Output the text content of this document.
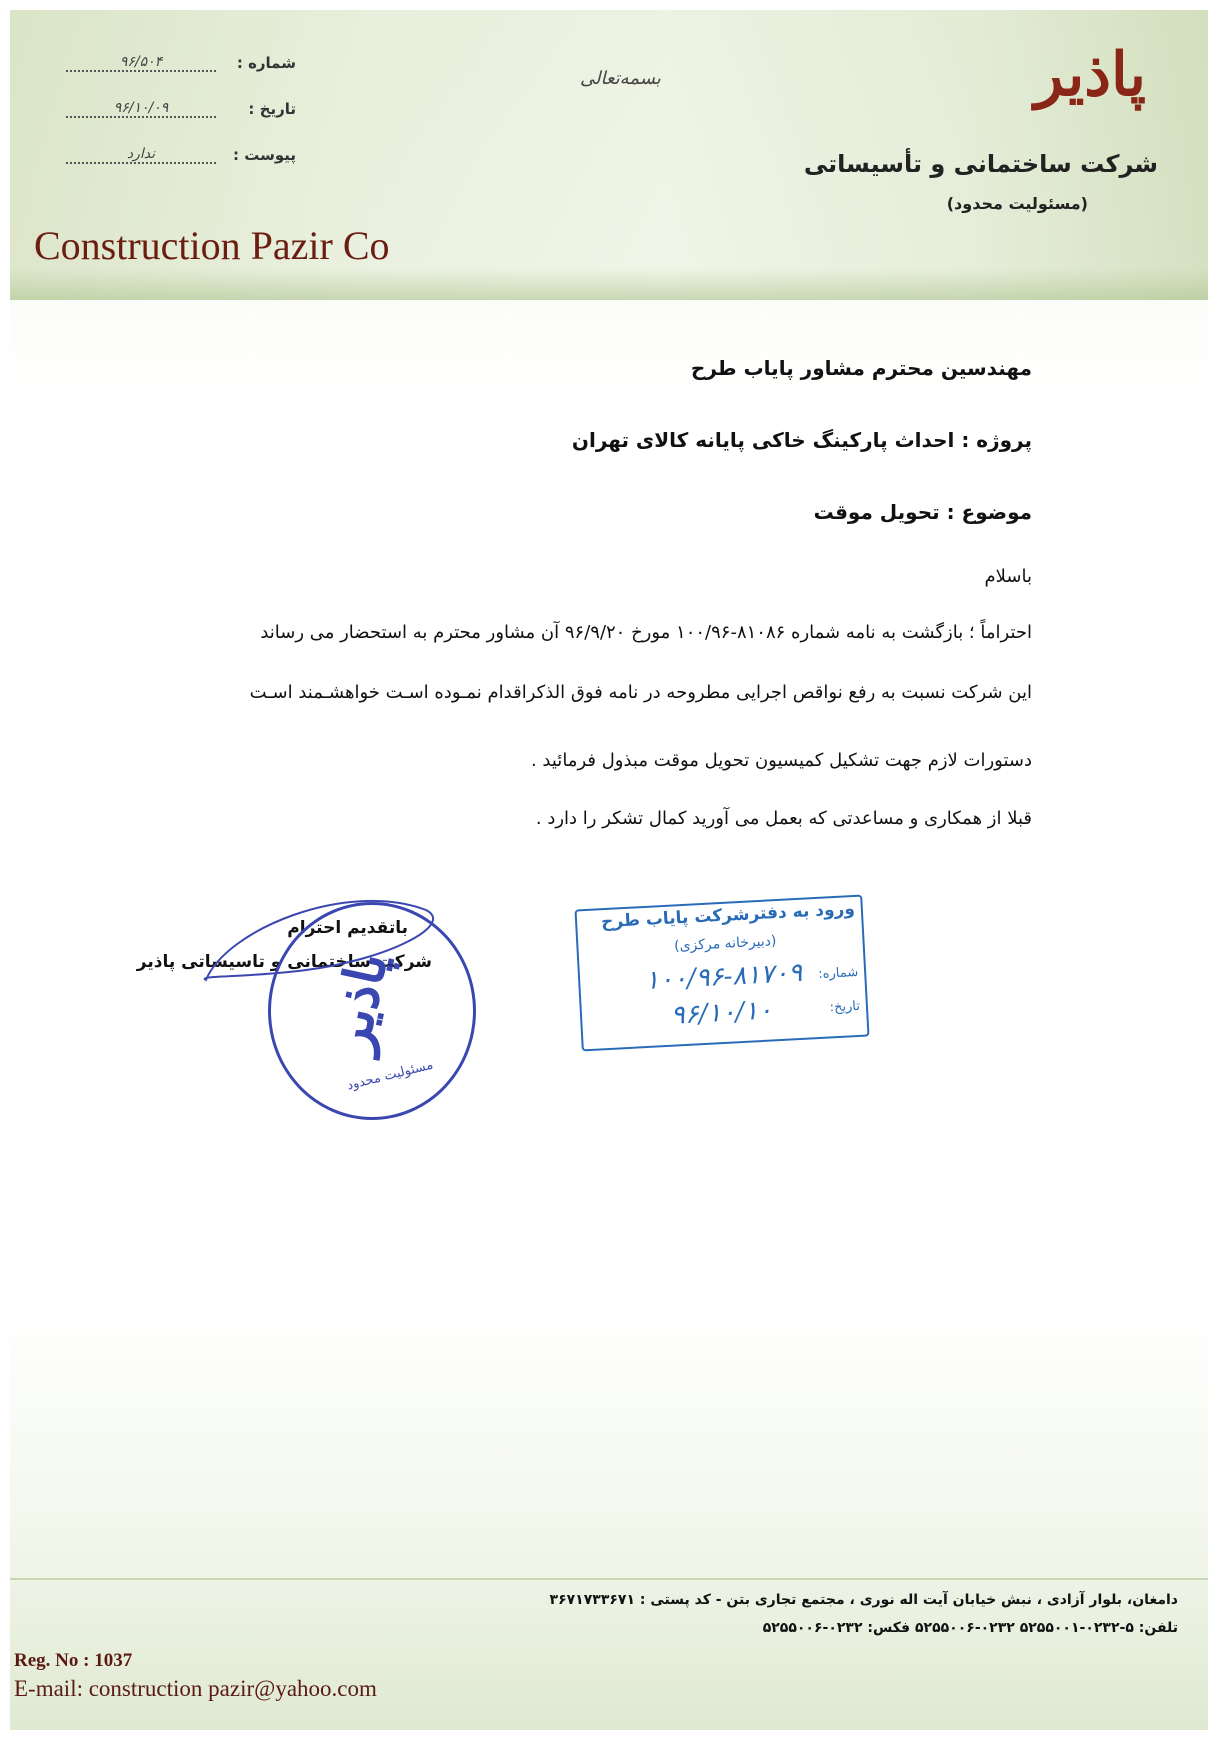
شماره :
۹۶/۵۰۴
تاریخ :
۹۶/۱۰/۰۹
پیوست :
ندارد
بسمه‌تعالی	پاذیر
شرکت ساختمانی و تأسیساتی
(مسئولیت محدود)
Construction Pazir Co
مهندسین محترم مشاور پایاب طرح
پروژه : احداث پارکینگ خاکی پایانه کالای تهران
موضوع : تحویل موقت
باسلام
احتراماً ؛ بازگشت به نامه شماره ۸۱۰۸۶-۱۰۰/۹۶ مورخ ۹۶/۹/۲۰ آن مشاور محترم به استحضار می رساند
این شرکت نسبت به رفع نواقص اجرایی مطروحه در نامه فوق الذکراقدام نمـوده اسـت خواهشـمند اسـت
دستورات لازم جهت تشکیل کمیسیون تحویل موقت مبذول فرمائید .
قبلا از همکاری و مساعدتی که بعمل می آورید کمال تشکر را دارد .
باتقدیم احترام
شرکت ساختمانی و تاسیساتی پاذیر
پاذیر
مسئولیت محدود
ورود به دفترشرکت پایاب طرح
(دبیرخانه مرکزی)
شماره:
۱۰۰/۹۶-۸۱۷۰۹
تاریخ:
۹۶/۱۰/۱۰
دامغان، بلوار آزادی ، نبش خیابان آیت اله نوری ، مجتمع تجاری بتن - کد پستی : ۳۶۷۱۷۳۳۶۷۱
تلفن: ۵-۰۲۳۲-۵۲۵۵۰۰۱ ۰۲۳۲-۵۲۵۵۰۰۶ فکس: ۰۲۳۲-۵۲۵۵۰۰۶
Reg. No : 1037
E-mail: construction pazir@yahoo.com
